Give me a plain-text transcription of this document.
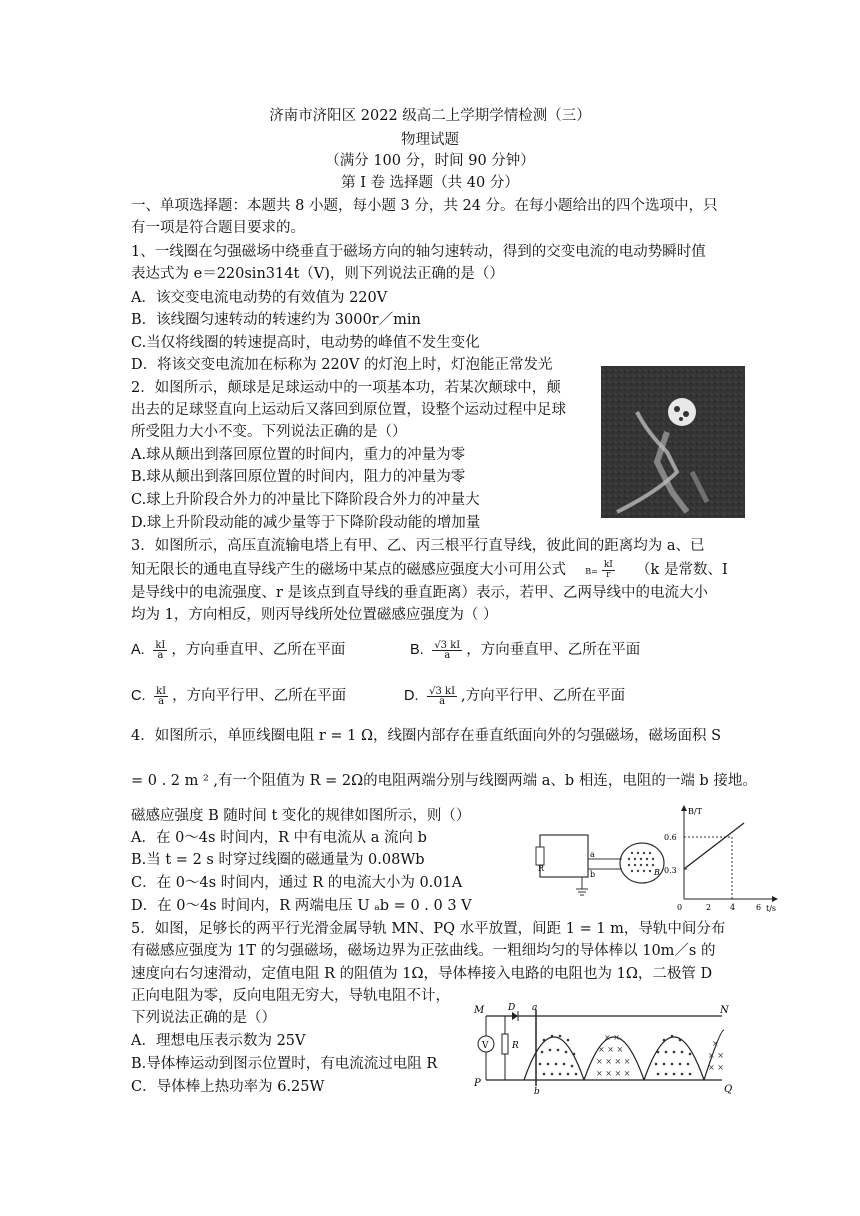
济南市济阳区 2022 级高二上学期学情检测（三）
物理试题
（满分 100 分，时间 90 分钟）
第 I 卷 选择题（共 40 分）
一、单项选择题：本题共 8 小题，每小题 3 分，共 24 分。在每小题给出的四个选项中，只
有一项是符合题目要求的。
1、一线圈在匀强磁场中绕垂直于磁场方向的轴匀速转动，得到的交变电流的电动势瞬时值
表达式为 e＝220sin314t（V)，则下列说法正确的是（）
A．该交变电流电动势的有效值为 220V
B．该线圈匀速转动的转速约为 3000r／min
C.当仅将线圈的转速提高时，电动势的峰值不发生变化
D．将该交变电流加在标称为 220V 的灯泡上时，灯泡能正常发光
2．如图所示，颠球是足球运动中的一项基本功，若某次颠球中，颠
出去的足球竖直向上运动后又落回到原位置，设整个运动过程中足球
所受阻力大小不变。下列说法正确的是（）
A.球从颠出到落回原位置的时间内，重力的冲量为零
B.球从颠出到落回原位置的时间内，阻力的冲量为零
C.球上升阶段合外力的冲量比下降阶段合外力的冲量大
D.球上升阶段动能的减少量等于下降阶段动能的增加量
3．如图所示，高压直流输电塔上有甲、乙、丙三根平行直导线，彼此间的距离均为 a、已
知无限长的通电直导线产生的磁场中某点的磁感应强度大小可用公式 $B= \frac{kI}{r} (k$ 是常数、I
是导线中的电流强度、r 是该点到直导线的垂直距离）表示，若甲、乙两导线中的电流大小
均为 1，方向相反，则丙导线所处位置磁感应强度为（ ）
A. $\frac{kI}{a}$ ，方向垂直甲、乙所在平面	B. $\frac{√3 kI}{a}$ ，方向垂直甲、乙所在平面
C. $\frac{kI}{a}$ ，方向平行甲、乙所在平面	D. $\frac{√3 kI}{a}$ ,方向平行甲、乙所在平面
4．如图所示，单匝线圈电阻 r = 1 Ω，线圈内部存在垂直纸面向外的匀强磁场，磁场面积 S
= 0 . 2 m ² ,有一个阻值为 R = 2Ω的电阻两端分别与线圈两端 a、b 相连，电阻的一端 b 接地。
磁感应强度 B 随时间 t 变化的规律如图所示，则（）
A．在 0～4s 时间内，R 中有电流从 a 流向 b
B.当 t = 2 s 时穿过线圈的磁通量为 0.08Wb
C．在 0～4s 时间内，通过 R 的电流大小为 0.01A
D．在 0～4s 时间内，R 两端电压 U ₐb = 0 . 0 3 V
R
a
b	B
B/T
t/s
0.6
0.3
0	2 4	6
5．如图，足够长的两平行光滑金属导轨 MN、PQ 水平放置，间距 1 = 1 m，导轨中间分布
有磁感应强度为 1T 的匀强磁场，磁场边界为正弦曲线。一粗细均匀的导体棒以 10m／s 的
速度向右匀速滑动，定值电阻 R 的阻值为 1Ω，导体棒接入电路的电阻也为 1Ω，二极管 D
正向电阻为零，反向电阻无穷大，导轨电阻不计，
下列说法正确的是（）
A．理想电压表示数为 25V
B.导体棒运动到图示位置时，有电流流过电阻 R
C．导体棒上热功率为 6.25W
M	N
P
Q
D a
b
V	R
× ×
× × ×
× × × ×
× × × ×
×
× ×
× ×
